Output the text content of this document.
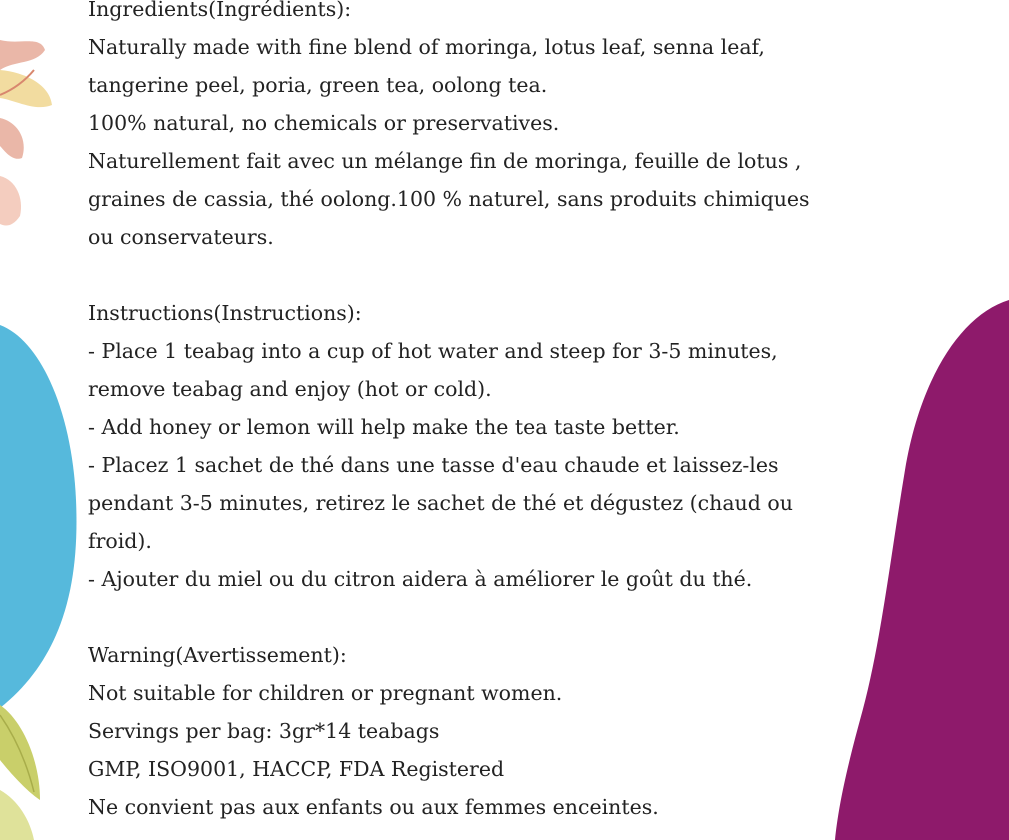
Ingredients(Ingrédients):
Naturally made with fine blend of moringa, lotus leaf, senna leaf,
tangerine peel, poria, green tea, oolong tea.
100% natural, no chemicals or preservatives.
Naturellement fait avec un mélange fin de moringa, feuille de lotus ,
graines de cassia, thé oolong.100 % naturel, sans produits chimiques
ou conservateurs.
Instructions(Instructions):
- Place 1 teabag into a cup of hot water and steep for 3-5 minutes,
remove teabag and enjoy (hot or cold).
- Add honey or lemon will help make the tea taste better.
- Placez 1 sachet de thé dans une tasse d'eau chaude et laissez-les
pendant 3-5 minutes, retirez le sachet de thé et dégustez (chaud ou
froid).
- Ajouter du miel ou du citron aidera à améliorer le goût du thé.
Warning(Avertissement):
Not suitable for children or pregnant women.
Servings per bag: 3gr*14 teabags
GMP, ISO9001, HACCP, FDA Registered
Ne convient pas aux enfants ou aux femmes enceintes.
